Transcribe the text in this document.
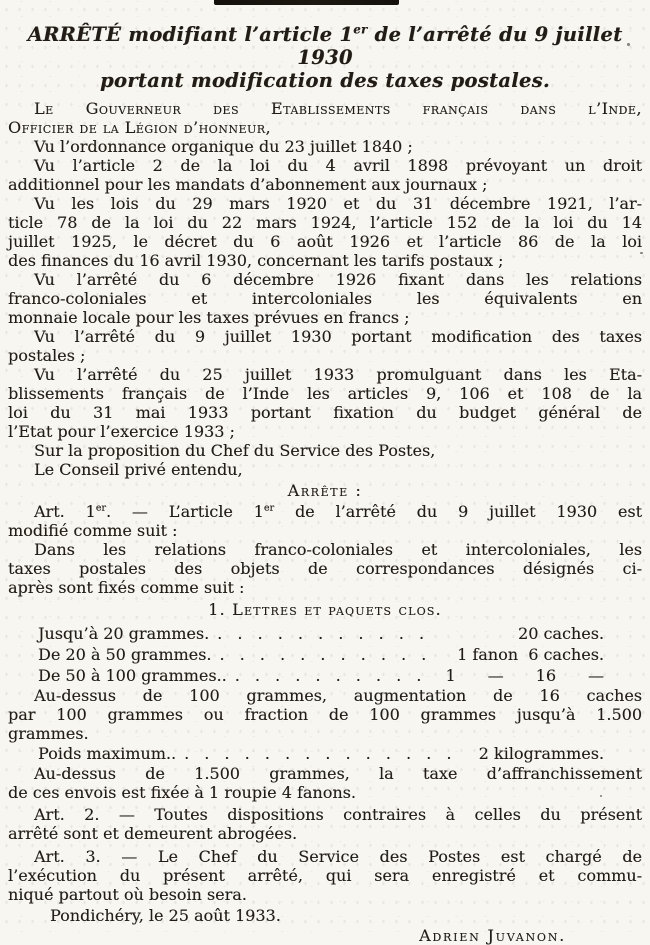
ARRÊTÉ modifiant l’article 1er de l’arrêté du 9 juillet 1930
portant modification des taxes postales.
Le Gouverneur des Etablissements français dans l’Inde,
Officier de la Légion d’honneur,

Vu l’ordonnance organique du 23 juillet 1840 ;

Vu l’article 2 de la loi du 4 avril 1898 prévoyant un droit
additionnel pour les mandats d’abonnement aux journaux ;

Vu les lois du 29 mars 1920 et du 31 décembre 1921, l’ar-
ticle 78 de la loi du 22 mars 1924, l’article 152 de la loi du 14
juillet 1925, le décret du 6 août 1926 et l’article 86 de la loi
des finances du 16 avril 1930, concernant les tarifs postaux ;

Vu l’arrêté du 6 décembre 1926 fixant dans les relations
franco-coloniales et intercoloniales les équivalents en
monnaie locale pour les taxes prévues en francs ;

Vu l’arrêté du 9 juillet 1930 portant modification des taxes
postales ;

Vu l’arrêté du 25 juillet 1933 promulguant dans les Eta-
blissements français de l’Inde les articles 9, 106 et 108 de la
loi du 31 mai 1933 portant fixation du budget général de
l’Etat pour l’exercice 1933 ;

Sur la proposition du Chef du Service des Postes,

Le Conseil privé entendu,

Arrête :
Art. 1er. — L’article 1er de l’arrêté du 9 juillet 1930 est
modifié comme suit :
Dans les relations franco-coloniales et intercoloniales, les
taxes postales des objets de correspondances désignés ci-
après sont fixés comme suit :
1. Lettres et paquets clos.
Jusqu’à 20 grammes. . . . . . . . . . . .	20 caches.
De 20 à 50 grammes. . . . . . . . . . . .	1 fanon  6 caches.
De 50 à 100 grammes.. . . . . . . . . . .	1  —  16  —
Au-dessus de 100 grammes, augmentation de 16 caches
par 100 grammes ou fraction de 100 grammes jusqu’à 1.500
grammes.
Poids maximum.. . . . . . . . . . . . . . .	2 kilogrammes.
Au-dessus de 1.500 grammes, la taxe d’affranchissement
de ces envois est fixée à 1 roupie 4 fanons.
Art. 2. — Toutes dispositions contraires à celles du présent
arrêté sont et demeurent abrogées.
Art. 3. — Le Chef du Service des Postes est chargé de
l’exécution du présent arrêté, qui sera enregistré et commu-
niqué partout où besoin sera.
Pondichéry, le 25 août 1933.
Adrien Juvanon.
